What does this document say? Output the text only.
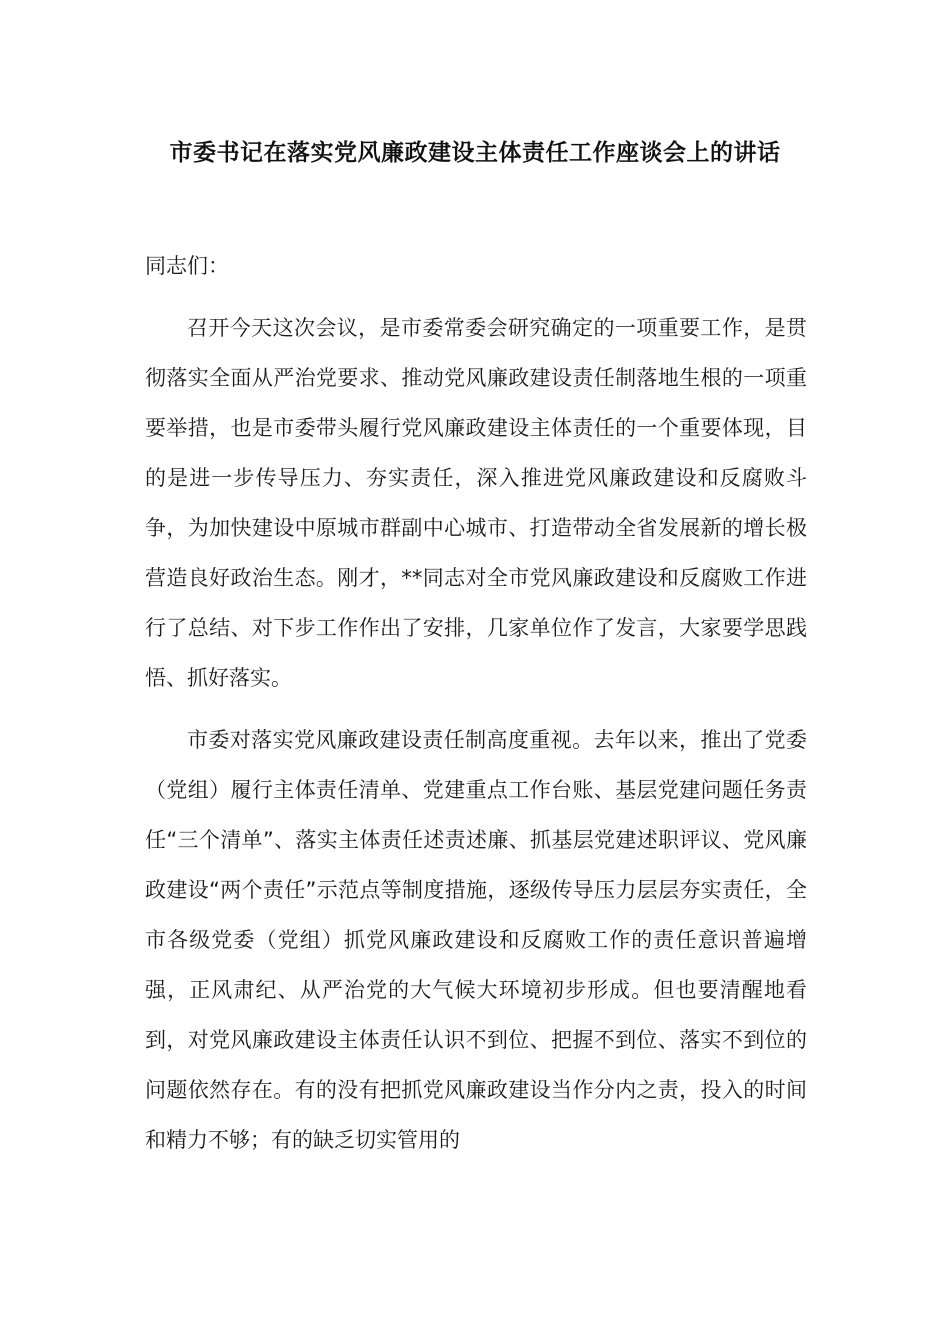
市委书记在落实党风廉政建设主体责任工作座谈会上的讲话

同志们：

召开今天这次会议，是市委常委会研究确定的一项重要工作，是贯彻落实全面从严治党要求、推动党风廉政建设责任制落地生根的一项重要举措，也是市委带头履行党风廉政建设主体责任的一个重要体现，目的是进一步传导压力、夯实责任，深入推进党风廉政建设和反腐败斗争，为加快建设中原城市群副中心城市、打造带动全省发展新的增长极营造良好政治生态。刚才，**同志对全市党风廉政建设和反腐败工作进行了总结、对下步工作作出了安排，几家单位作了发言，大家要学思践悟、抓好落实。

市委对落实党风廉政建设责任制高度重视。去年以来，推出了党委（党组）履行主体责任清单、党建重点工作台账、基层党建问题任务责任“三个清单”、落实主体责任述责述廉、抓基层党建述职评议、党风廉政建设“两个责任”示范点等制度措施，逐级传导压力层层夯实责任，全市各级党委（党组）抓党风廉政建设和反腐败工作的责任意识普遍增强，正风肃纪、从严治党的大气候大环境初步形成。但也要清醒地看到，对党风廉政建设主体责任认识不到位、把握不到位、落实不到位的问题依然存在。有的没有把抓党风廉政建设当作分内之责，投入的时间和精力不够；有的缺乏切实管用的
